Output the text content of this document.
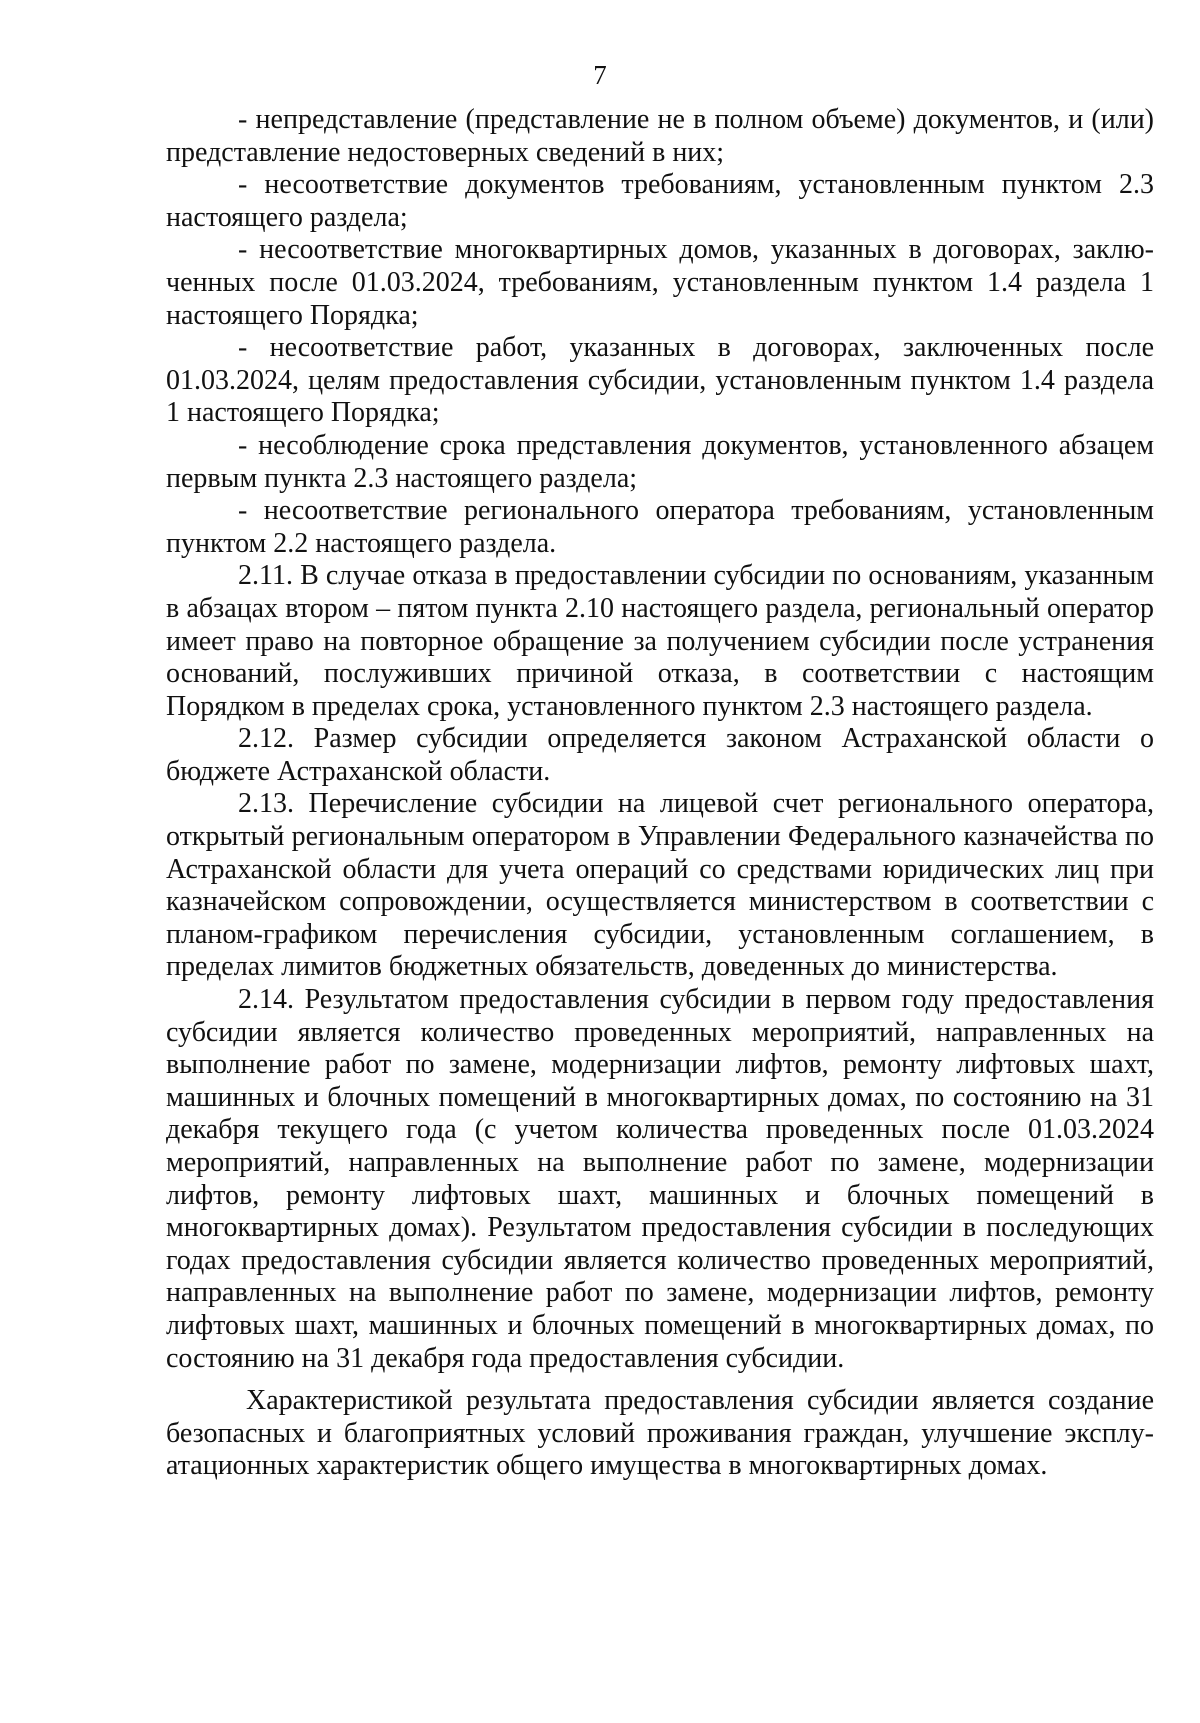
7

- непредставление (представление не в полном объеме) документов, и (или) представление недостоверных сведений в них;

- несоответствие документов требованиям, установленным пунктом 2.3 настоящего раздела;

- несоответствие многоквартирных домов, указанных в договорах, заключенных после 01.03.2024, требованиям, установленным пунктом 1.4 раздела 1 настоящего Порядка;

- несоответствие работ, указанных в договорах, заключенных после 01.03.2024, целям предоставления субсидии, установленным пунктом 1.4 раздела 1 настоящего Порядка;

- несоблюдение срока представления документов, установленного абзацем первым пункта 2.3 настоящего раздела;

- несоответствие регионального оператора требованиям, установленным пунктом 2.2 настоящего раздела.

2.11. В случае отказа в предоставлении субсидии по основаниям, указанным в абзацах втором – пятом пункта 2.10 настоящего раздела, региональный оператор имеет право на повторное обращение за получением субсидии после устранения оснований, послуживших причиной отказа, в соответствии с настоящим Порядком в пределах срока, установленного пунктом 2.3 настоящего раздела.

2.12. Размер субсидии определяется законом Астраханской области о бюджете Астраханской области.

2.13. Перечисление субсидии на лицевой счет регионального оператора, открытый региональным оператором в Управлении Федерального казначейства по Астраханской области для учета операций со средствами юридических лиц при казначейском сопровождении, осуществляется министерством в соответствии с планом-графиком перечисления субсидии, установленным соглашением, в пределах лимитов бюджетных обязательств, доведенных до министерства.

2.14. Результатом предоставления субсидии в первом году предоставления субсидии является количество проведенных мероприятий, направленных на выполнение работ по замене, модернизации лифтов, ремонту лифтовых шахт, машинных и блочных помещений в многоквартирных домах, по состоянию на 31 декабря текущего года (с учетом количества проведенных после 01.03.2024 мероприятий, направленных на выполнение работ по замене, модернизации лифтов, ремонту лифтовых шахт, машинных и блочных помещений в многоквартирных домах). Результатом предоставления субсидии в последующих годах предоставления субсидии является количество проведенных мероприятий, направленных на выполнение работ по замене, модернизации лифтов, ремонту лифтовых шахт, машинных и блочных помещений в многоквартирных домах, по состоянию на 31 декабря года предоставления субсидии.

Характеристикой результата предоставления субсидии является создание безопасных и благоприятных условий проживания граждан, улучшение эксплуатационных характеристик общего имущества в многоквартирных домах.
